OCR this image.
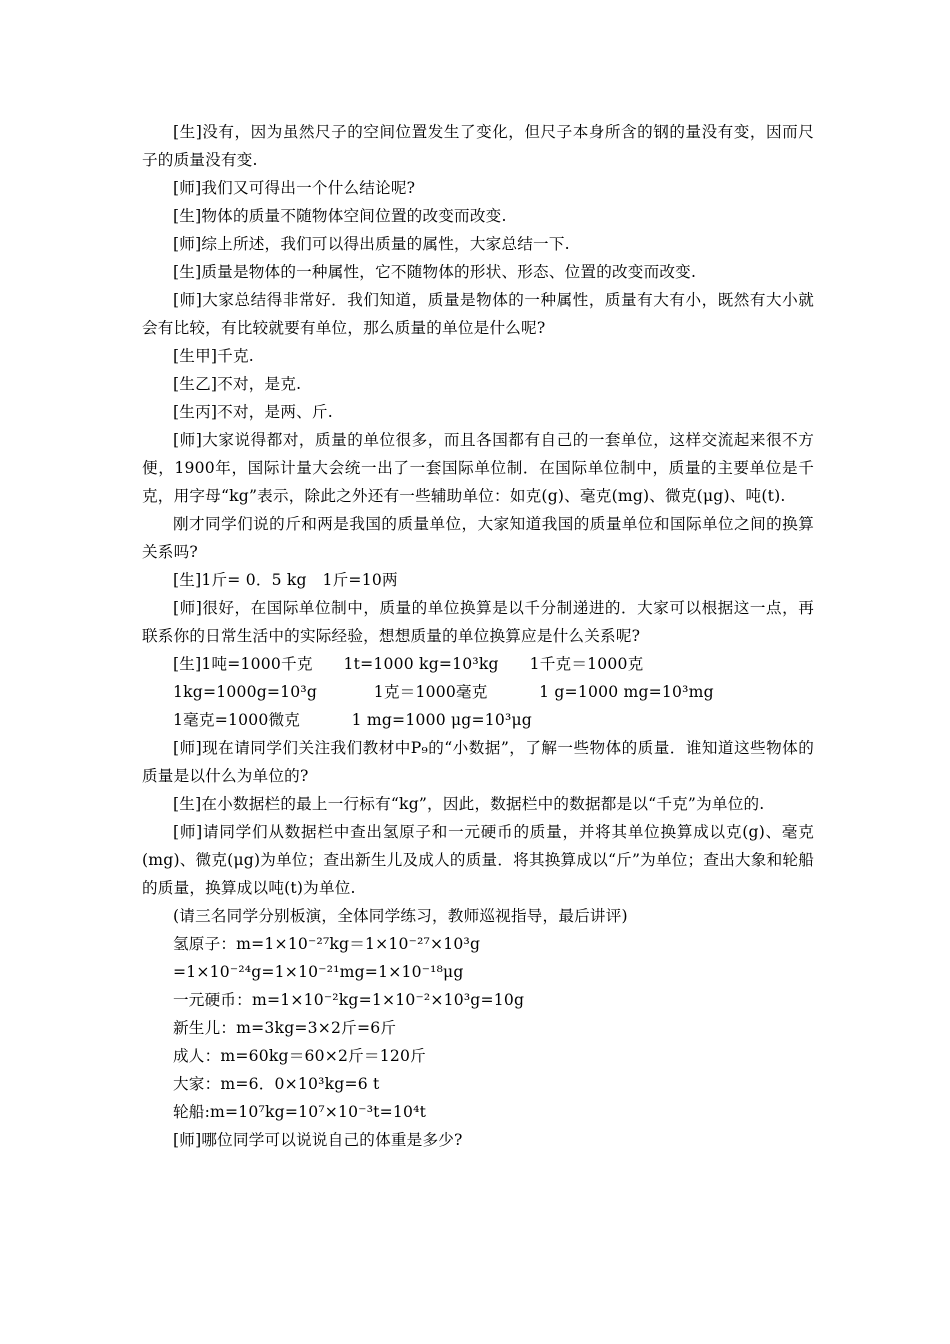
[生]没有，因为虽然尺子的空间位置发生了变化，但尺子本身所含的钢的量没有变，因而尺子的质量没有变.

[师]我们又可得出一个什么结论呢?

[生]物体的质量不随物体空间位置的改变而改变.

[师]综上所述，我们可以得出质量的属性，大家总结一下.

[生]质量是物体的一种属性，它不随物体的形状、形态、位置的改变而改变.

[师]大家总结得非常好．我们知道，质量是物体的一种属性，质量有大有小，既然有大小就会有比较，有比较就要有单位，那么质量的单位是什么呢?

[生甲]千克.

[生乙]不对，是克.

[生丙]不对，是两、斤.

[师]大家说得都对，质量的单位很多，而且各国都有自己的一套单位，这样交流起来很不方便，1900年，国际计量大会统一出了一套国际单位制．在国际单位制中，质量的主要单位是千克，用字母“kg”表示，除此之外还有一些辅助单位：如克(g)、毫克(mg)、微克(μg)、吨(t).

刚才同学们说的斤和两是我国的质量单位，大家知道我国的质量单位和国际单位之间的换算关系吗?

[生]1斤= 0．5 kg　1斤=10两

[师]很好，在国际单位制中，质量的单位换算是以千分制递进的．大家可以根据这一点，再联系你的日常生活中的实际经验，想想质量的单位换算应是什么关系呢?

[生]1吨=1000千克      1t=1000 kg=10³kg      1千克＝1000克

1kg=1000g=10³g           1克＝1000毫克          1 g=1000 mg=10³mg

1毫克=1000微克          1 mg=1000 μg=10³μg

[师]现在请同学们关注我们教材中P₉的“小数据”，了解一些物体的质量．谁知道这些物体的质量是以什么为单位的?

[生]在小数据栏的最上一行标有“kg”，因此，数据栏中的数据都是以“千克”为单位的.

[师]请同学们从数据栏中查出氢原子和一元硬币的质量，并将其单位换算成以克(g)、毫克(mg)、微克(μg)为单位；查出新生儿及成人的质量．将其换算成以“斤”为单位；查出大象和轮船的质量，换算成以吨(t)为单位.

(请三名同学分别板演，全体同学练习，教师巡视指导，最后讲评)

氢原子：m=1×10⁻²⁷kg＝1×10⁻²⁷×10³g

=1×10⁻²⁴g=1×10⁻²¹mg=1×10⁻¹⁸μg

一元硬币：m=1×10⁻²kg=1×10⁻²×10³g=10g

新生儿：m=3kg=3×2斤=6斤

成人：m=60kg＝60×2斤＝120斤

大家：m=6．0×10³kg=6 t

轮船:m=10⁷kg=10⁷×10⁻³t=10⁴t

[师]哪位同学可以说说自己的体重是多少?
